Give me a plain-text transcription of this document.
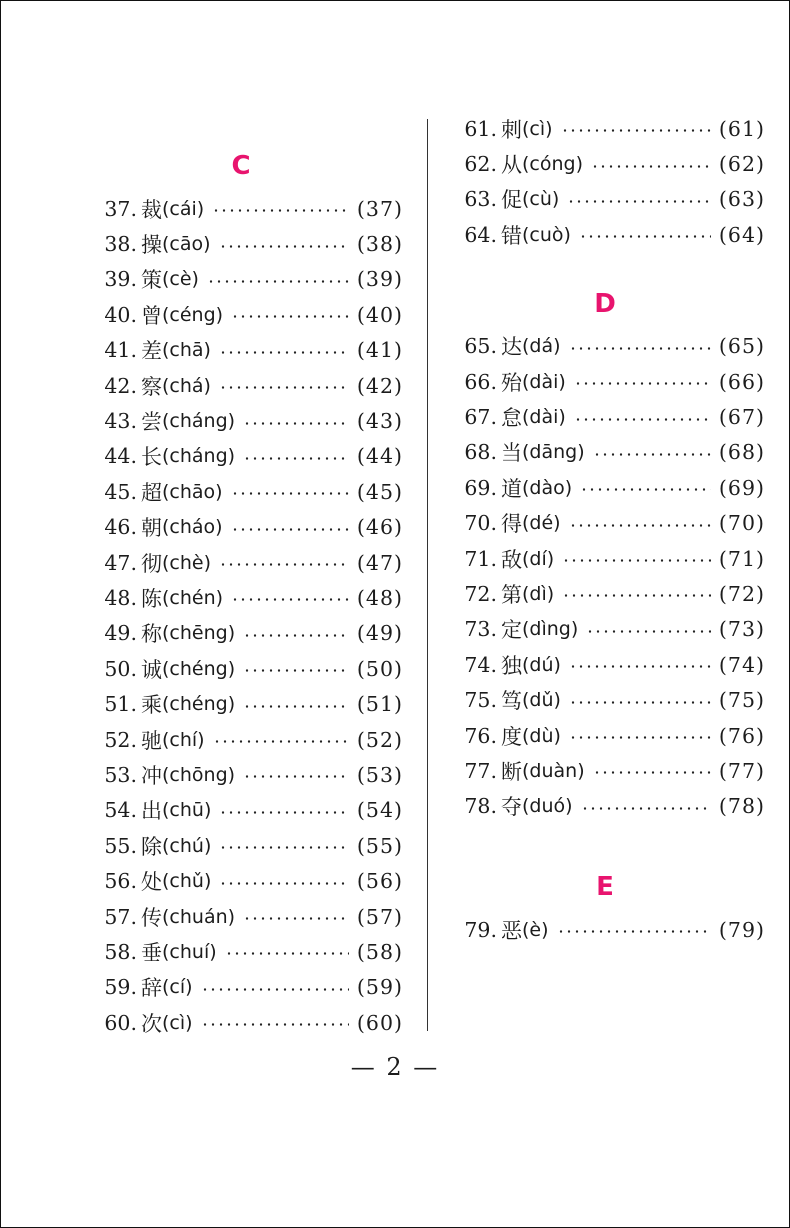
C
37. 裁 (cái)	(37)
38. 操 (cāo)	(38)
39. 策 (cè)	(39)
40. 曾 (céng)	(40)
41. 差 (chā)	(41)
42. 察 (chá)	(42)
43. 尝 (cháng)	(43)
44. 长 (cháng)	(44)
45. 超 (chāo)	(45)
46. 朝 (cháo)	(46)
47. 彻 (chè)	(47)
48. 陈 (chén)	(48)
49. 称 (chēng)	(49)
50. 诚 (chéng)	(50)
51. 乘 (chéng)	(51)
52. 驰 (chí)	(52)
53. 冲 (chōng)	(53)
54. 出 (chū)	(54)
55. 除 (chú)	(55)
56. 处 (chǔ)	(56)
57. 传 (chuán)	(57)
58. 垂 (chuí)	(58)
59. 辞 (cí)	(59)
60. 次 (cì)	(60)
61. 刺 (cì)	(61)
62. 从 (cóng)	(62)
63. 促 (cù)	(63)
64. 错 (cuò)	(64)
D
65. 达 (dá)	(65)
66. 殆 (dài)	(66)
67. 怠 (dài)	(67)
68. 当 (dāng)	(68)
69. 道 (dào)	(69)
70. 得 (dé)	(70)
71. 敌 (dí)	(71)
72. 第 (dì)	(72)
73. 定 (dìng)	(73)
74. 独 (dú)	(74)
75. 笃 (dǔ)	(75)
76. 度 (dù)	(76)
77. 断 (duàn)	(77)
78. 夺 (duó)	(78)
E
79. 恶 (è)	(79)
— 2 —
